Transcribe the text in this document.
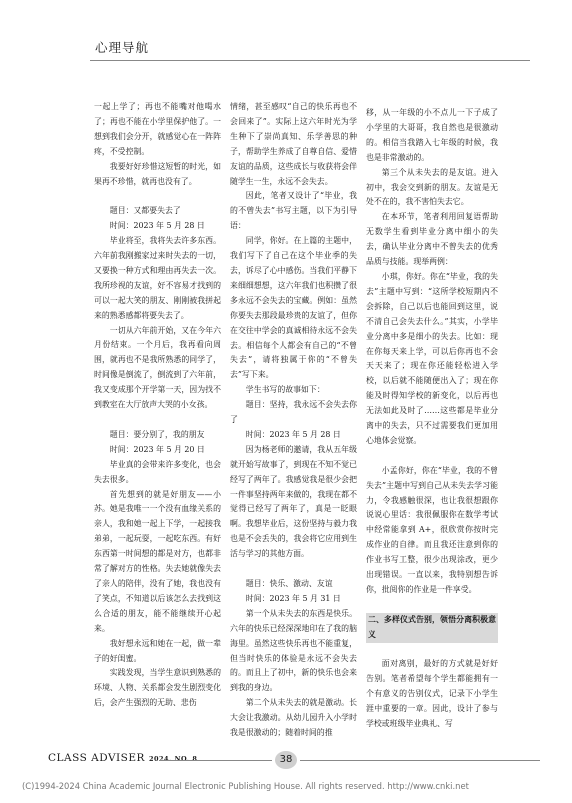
心理导航

一起上学了；再也不能嘴对他喝水了；再也不能在小学里保护他了。一想到我们会分开，就感觉心在一阵阵疼，不受控制。

我要好好珍惜这短暂的时光，如果再不珍惜，就再也没有了。

题目：又都要失去了

时间：2023 年 5 月 28 日

毕业将至，我将失去许多东西。六年前我刚搬家过来时失去的一切，又要换一种方式和理由再失去一次。我所珍视的友谊，好不容易才找到的可以一起大笑的朋友、刚刚被我拼起来的熟悉感都将要失去了。

一切从六年前开始，又在今年六月份结束。一个月后，我再看向周围，就再也不是我所熟悉的同学了，时间像是倒流了，倒流到了六年前，我又变成那个开学第一天，因为找不到教室在大厅放声大哭的小女孩。

题目：要分别了，我的朋友

时间：2023 年 5 月 20 日

毕业真的会带来许多变化，也会失去很多。

首先想到的就是好朋友——小苏。她是我唯一一个没有血缘关系的亲人，我和她一起上下学，一起接我弟弟，一起玩耍，一起吃东西。有好东西第一时间想的都是对方，也都非常了解对方的性格。失去她就像失去了亲人的陪伴，没有了她，我也没有了笑点，不知道以后该怎么去找到这么合适的朋友，能不能继续开心起来。

我好想永远和她在一起，做一辈子的好闺蜜。

实践发现，当学生意识到熟悉的环境、人物、关系都会发生剧烈变化后，会产生强烈的无助、悲伤

情绪，甚至感叹“自己的快乐再也不会回来了”。实际上这六年时光为学生种下了崇尚真知、乐学善思的种子，帮助学生养成了自尊自信、爱惜友谊的品质，这些成长与收获将会伴随学生一生，永远不会失去。

因此，笔者又设计了“毕业，我的不曾失去”书写主题，以下为引导语：

同学，你好。在上篇的主题中，我们写下了自己在这个毕业季的失去，诉尽了心中感伤。当我们平静下来细细想想，这六年我们也积攒了很多永远不会失去的宝藏。例如：虽然你要失去那段最珍贵的友谊了，但你在交往中学会的真诚相待永远不会失去。相信每个人都会有自己的“不曾失去”，请将独属于你的“不曾失去”写下来。

学生书写的故事如下：

题目：坚持，我永远不会失去你了

时间：2023 年 5 月 28 日

因为杨老师的邀请，我从五年级就开始写故事了，到现在不知不觉已经写了两年了。我感觉我是很少会把一件事坚持两年来做的，我现在都不觉得已经写了两年了，真是一眨眼啊。我想毕业后，这份坚持与毅力我也是不会丢失的，我会将它应用到生活与学习的其他方面。

题目：快乐、激动、友谊

时间：2023 年 5 月 31 日

第一个从未失去的东西是快乐。六年的快乐已经深深地印在了我的脑海里。虽然这些快乐再也不能重复，但当时快乐的体验是永远不会失去的。而且上了初中，新的快乐也会来到我的身边。

第二个从未失去的就是激动。长大会让我激动。从幼儿园升入小学时我是很激动的；随着时间的推

移，从一年级的小不点儿一下子成了小学里的大哥哥，我自然也是很激动的。相信当我踏入七年级的时候，我也是非常激动的。

第三个从未失去的是友谊。进入初中，我会交到新的朋友。友谊是无处不在的，我不害怕失去它。

在本环节，笔者利用回复语帮助无数学生看到毕业分离中细小的失去，确认毕业分离中不曾失去的优秀品质与技能。现举两例：

小琪，你好。你在“毕业，我的失去”主题中写到：“这所学校短期内不会拆除，自己以后也能回到这里，说不清自己会失去什么。”其实，小学毕业分离中多是细小的失去。比如：现在你每天来上学，可以后你再也不会天天来了；现在你还能轻松进入学校，以后就不能随便出入了；现在你能及时得知学校的新变化，以后再也无法如此及时了……这些都是毕业分离中的失去，只不过需要我们更加用心地体会觉察。

小孟你好，你在“毕业，我的不曾失去”主题中写到自己从未失去学习能力，令我感触很深，也让我很想跟你说说心里话：我很佩服你在数学考试中经常能拿到 A+，很欣赏你按时完成作业的自律。而且我还注意到你的作业书写工整，很少出现涂改，更少出现错误。一直以来，我特别想告诉你，批阅你的作业是一件享受。

二、多样仪式告别，领悟分离积极意义

面对离别，最好的方式就是好好告别。笔者希望每个学生都能拥有一个有意义的告别仪式，记录下小学生涯中重要的一章。因此，设计了参与学校或班级毕业典礼、写

CLASS ADVISER 2024. NO. 8	38
(C)1994-2024 China Academic Journal Electronic Publishing House. All rights reserved. http://www.cnki.net
